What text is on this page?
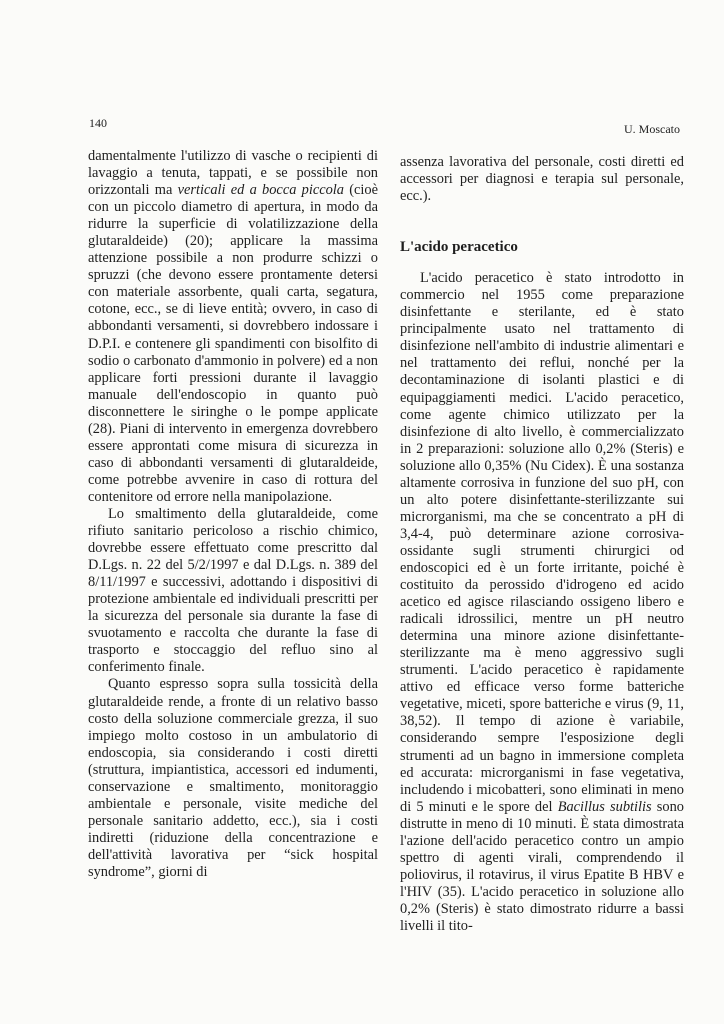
140	U. Moscato

damentalmente l'utilizzo di vasche o recipienti di lavaggio a tenuta, tappati, e se possibile non orizzontali ma verticali ed a bocca piccola (cioè con un piccolo diametro di apertura, in modo da ridurre la superficie di volatilizzazione della glutaraldeide) (20); applicare la massima attenzione possibile a non produrre schizzi o spruzzi (che devono essere prontamente detersi con materiale assorbente, quali carta, segatura, cotone, ecc., se di lieve entità; ovvero, in caso di abbondanti versamenti, si dovrebbero indossare i D.P.I. e contenere gli spandimenti con bisolfito di sodio o carbonato d'ammonio in polvere) ed a non applicare forti pressioni durante il lavaggio manuale dell'endoscopio in quanto può disconnettere le siringhe o le pompe applicate (28). Piani di intervento in emergenza dovrebbero essere approntati come misura di sicurezza in caso di abbondanti versamenti di glutaraldeide, come potrebbe avvenire in caso di rottura del contenitore od errore nella manipolazione.

Lo smaltimento della glutaraldeide, come rifiuto sanitario pericoloso a rischio chimico, dovrebbe essere effettuato come prescritto dal D.Lgs. n. 22 del 5/2/1997 e dal D.Lgs. n. 389 del 8/11/1997 e successivi, adottando i dispositivi di protezione ambientale ed individuali prescritti per la sicurezza del personale sia durante la fase di svuotamento e raccolta che durante la fase di trasporto e stoccaggio del refluo sino al conferimento finale.

Quanto espresso sopra sulla tossicità della glutaraldeide rende, a fronte di un relativo basso costo della soluzione commerciale grezza, il suo impiego molto costoso in un ambulatorio di endoscopia, sia considerando i costi diretti (struttura, impiantistica, accessori ed indumenti, conservazione e smaltimento, monitoraggio ambientale e personale, visite mediche del personale sanitario addetto, ecc.), sia i costi indiretti (riduzione della concentrazione e dell'attività lavorativa per “sick hospital syndrome”, giorni di

assenza lavorativa del personale, costi diretti ed accessori per diagnosi e terapia sul personale, ecc.).

L'acido peracetico

L'acido peracetico è stato introdotto in commercio nel 1955 come preparazione disinfettante e sterilante, ed è stato principalmente usato nel trattamento di disinfezione nell'ambito di industrie alimentari e nel trattamento dei reflui, nonché per la decontaminazione di isolanti plastici e di equipaggiamenti medici. L'acido peracetico, come agente chimico utilizzato per la disinfezione di alto livello, è commercializzato in 2 preparazioni: soluzione allo 0,2% (Steris) e soluzione allo 0,35% (Nu Cidex). È una sostanza altamente corrosiva in funzione del suo pH, con un alto potere disinfettante-sterilizzante sui microrganismi, ma che se concentrato a pH di 3,4-4, può determinare azione corrosiva-ossidante sugli strumenti chirurgici od endoscopici ed è un forte irritante, poiché è costituito da perossido d'idrogeno ed acido acetico ed agisce rilasciando ossigeno libero e radicali idrossilici, mentre un pH neutro determina una minore azione disinfettante-sterilizzante ma è meno aggressivo sugli strumenti. L'acido peracetico è rapidamente attivo ed efficace verso forme batteriche vegetative, miceti, spore batteriche e virus (9, 11, 38,52). Il tempo di azione è variabile, considerando sempre l'esposizione degli strumenti ad un bagno in immersione completa ed accurata: microrganismi in fase vegetativa, includendo i micobatteri, sono eliminati in meno di 5 minuti e le spore del Bacillus subtilis sono distrutte in meno di 10 minuti. È stata dimostrata l'azione dell'acido peracetico contro un ampio spettro di agenti virali, comprendendo il poliovirus, il rotavirus, il virus Epatite B HBV e l'HIV (35). L'acido peracetico in soluzione allo 0,2% (Steris) è stato dimostrato ridurre a bassi livelli il tito-
